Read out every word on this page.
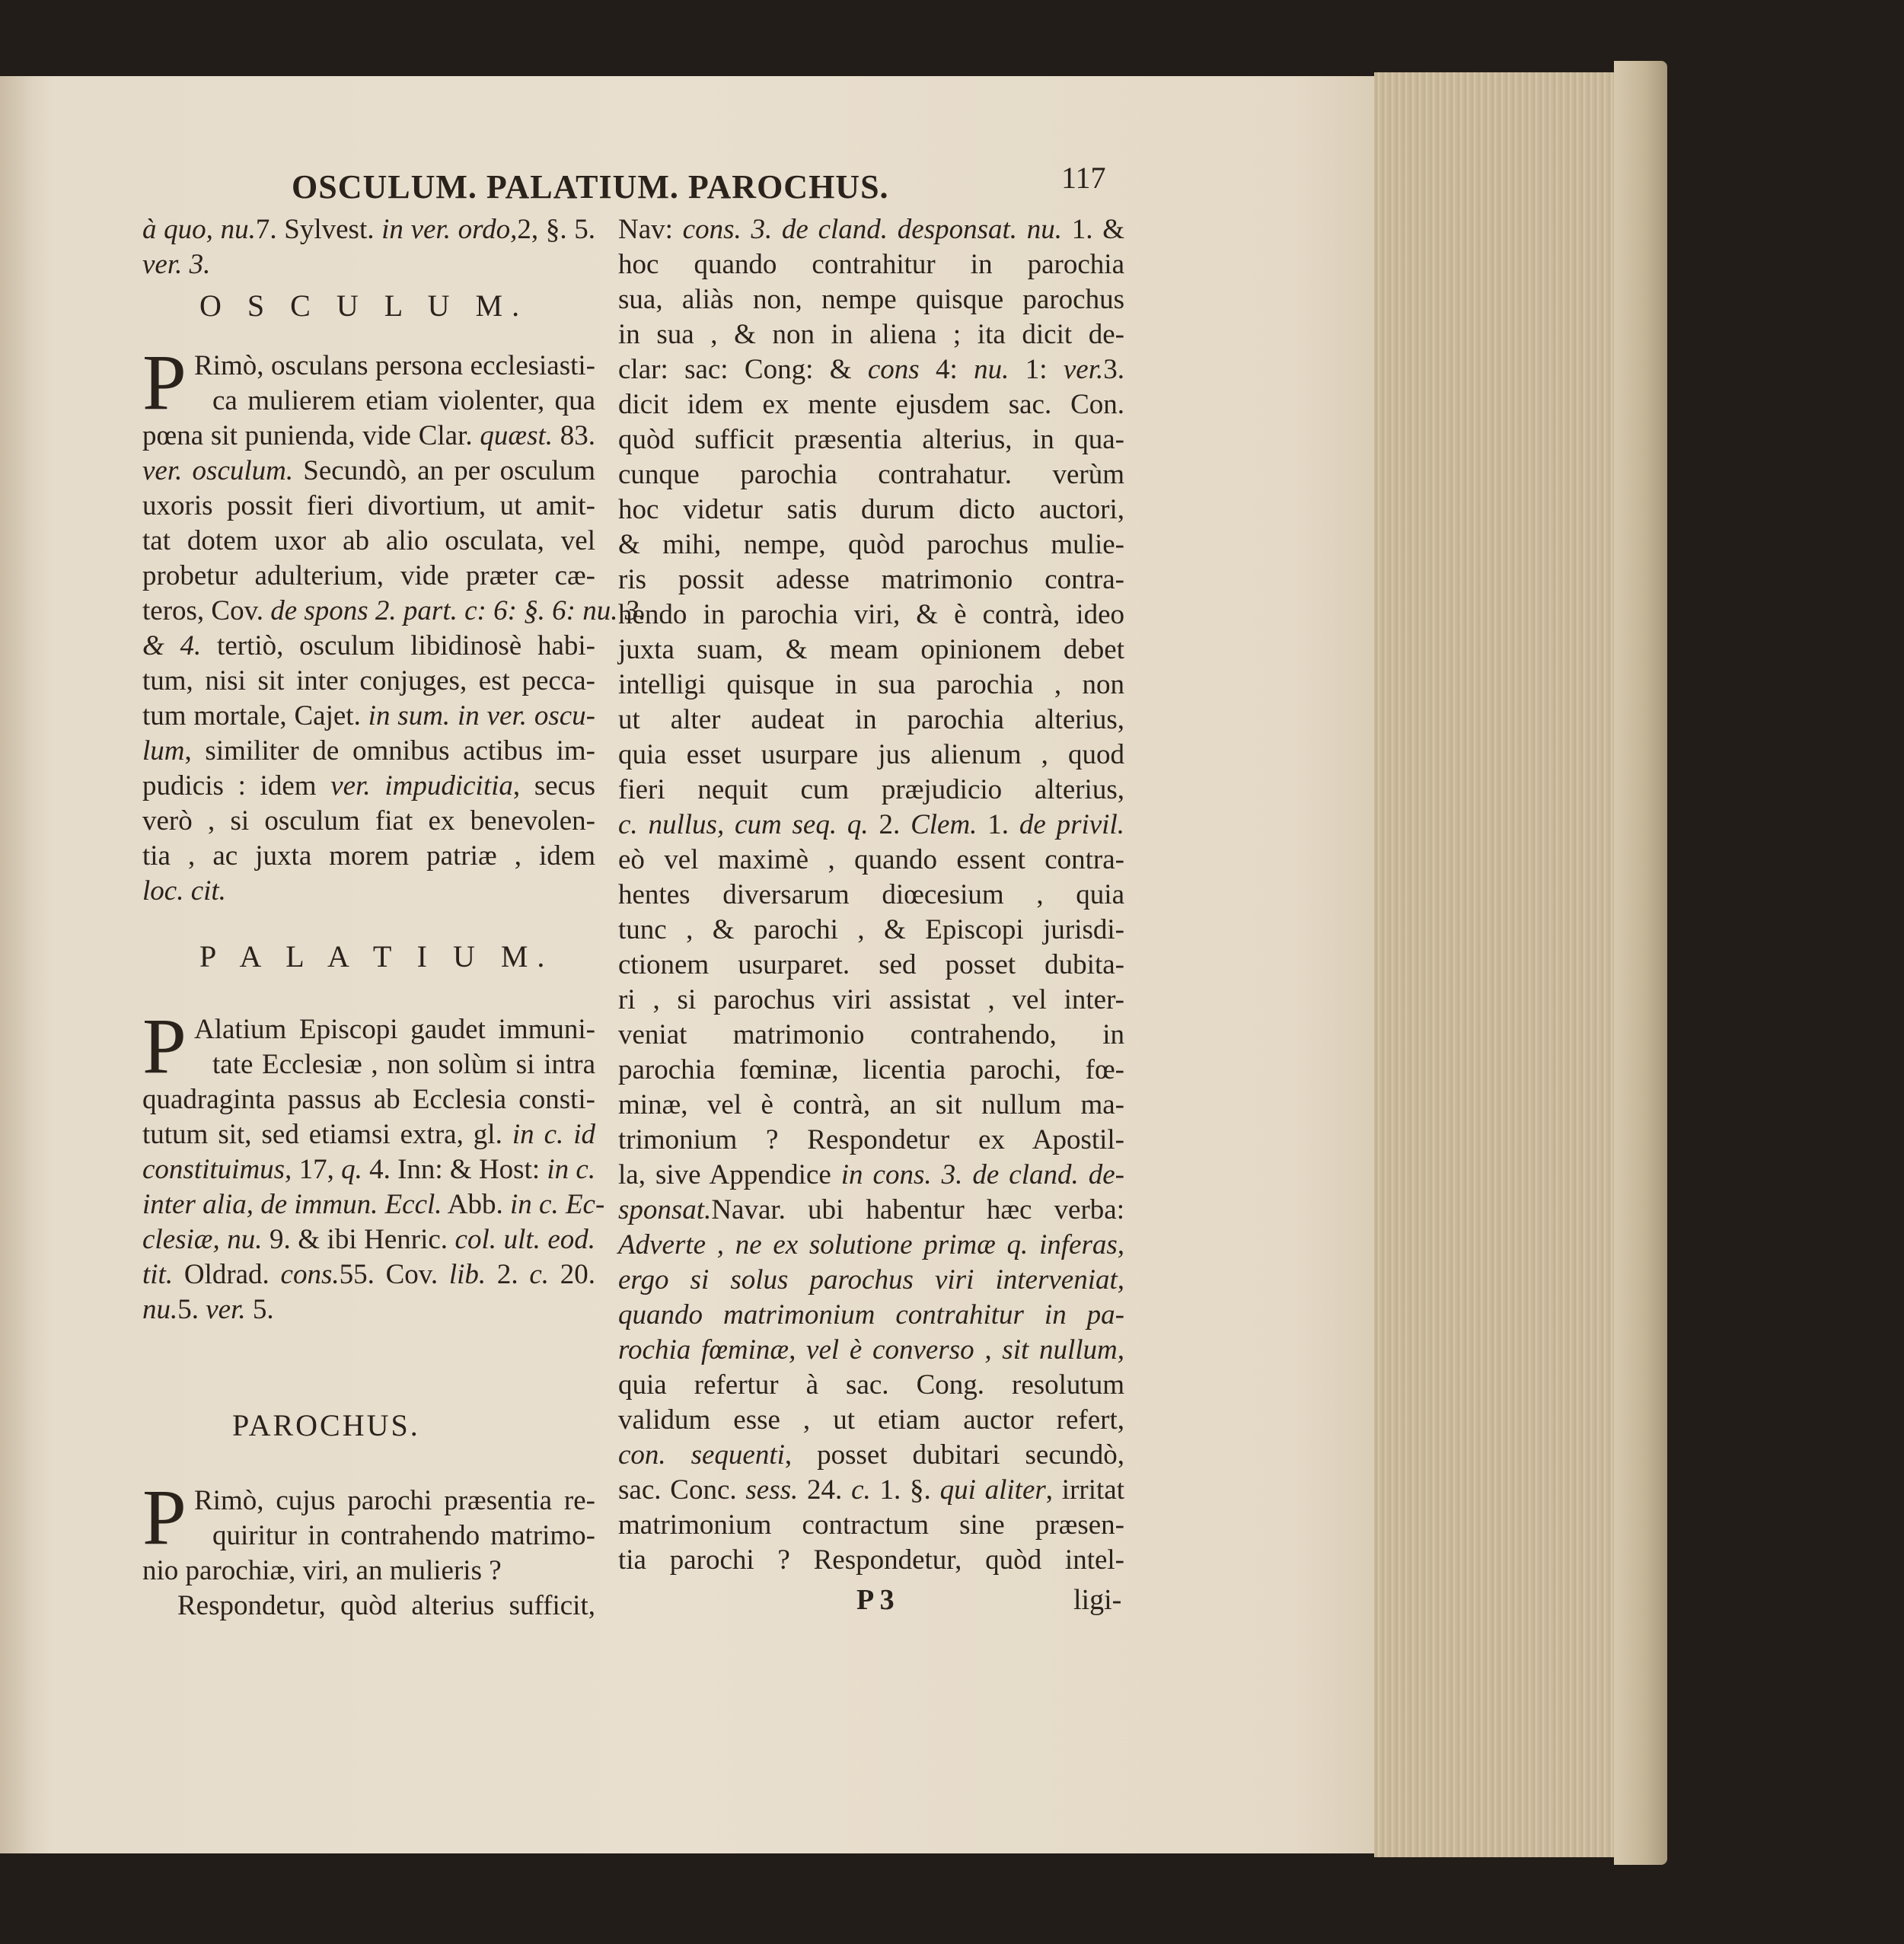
OSCULUM. PALATIUM. PAROCHUS.	117
à quo, nu.7. Sylvest. in ver. ordo,2, §. 5.
ver. 3.
O S C U L U M.
P Rimò, osculans persona ecclesiasti-
ca mulierem etiam violenter, qua
pœna sit punienda, vide Clar. quæst. 83.
ver. osculum. Secundò, an per osculum
uxoris possit fieri divortium, ut amit-
tat dotem uxor ab alio osculata, vel
probetur adulterium, vide præter cæ-
teros, Cov. de spons 2. part. c: 6: §. 6: nu. 3.
& 4. tertiò, osculum libidinosè habi-
tum, nisi sit inter conjuges, est pecca-
tum mortale, Cajet. in sum. in ver. oscu-
lum, similiter de omnibus actibus im-
pudicis : idem ver. impudicitia, secus
verò , si osculum fiat ex benevolen-
tia , ac juxta morem patriæ , idem
loc. cit.
P A L A T I U M.
P Alatium Episcopi gaudet immuni-
tate Ecclesiæ , non solùm si intra
quadraginta passus ab Ecclesia consti-
tutum sit, sed etiamsi extra, gl. in c. id
constituimus, 17, q. 4. Inn: & Host: in c.
inter alia, de immun. Eccl. Abb. in c. Ec-
clesiæ, nu. 9. & ibi Henric. col. ult. eod.
tit. Oldrad. cons.55. Cov. lib. 2. c. 20.
nu.5. ver. 5.
PAROCHUS.
P Rimò, cujus parochi præsentia re-
quiritur in contrahendo matrimo-
nio parochiæ, viri, an mulieris ?
Respondetur, quòd alterius sufficit,
Nav: cons. 3. de cland. desponsat. nu. 1. &
hoc quando contrahitur in parochia
sua, aliàs non, nempe quisque parochus
in sua , & non in aliena ; ita dicit de-
clar: sac: Cong: & cons 4: nu. 1: ver.3.
dicit idem ex mente ejusdem sac. Con.
quòd sufficit præsentia alterius, in qua-
cunque parochia contrahatur. verùm
hoc videtur satis durum dicto auctori,
& mihi, nempe, quòd parochus mulie-
ris possit adesse matrimonio contra-
hendo in parochia viri, & è contrà, ideo
juxta suam, & meam opinionem debet
intelligi quisque in sua parochia , non
ut alter audeat in parochia alterius,
quia esset usurpare jus alienum , quod
fieri nequit cum præjudicio alterius,
c. nullus, cum seq. q. 2. Clem. 1. de privil.
eò vel maximè , quando essent contra-
hentes diversarum diœcesium , quia
tunc , & parochi , & Episcopi jurisdi-
ctionem usurparet. sed posset dubita-
ri , si parochus viri assistat , vel inter-
veniat matrimonio contrahendo, in
parochia fœminæ, licentia parochi, fœ-
minæ, vel è contrà, an sit nullum ma-
trimonium ? Respondetur ex Apostil-
la, sive Appendice in cons. 3. de cland. de-
sponsat.Navar. ubi habentur hæc verba:
Adverte , ne ex solutione primæ q. inferas,
ergo si solus parochus viri interveniat,
quando matrimonium contrahitur in pa-
rochia fœminæ, vel è converso , sit nullum,
quia refertur à sac. Cong. resolutum
validum esse , ut etiam auctor refert,
con. sequenti, posset dubitari secundò,
sac. Conc. sess. 24. c. 1. §. qui aliter, irritat
matrimonium contractum sine præsen-
tia parochi ? Respondetur, quòd intel-
P 3	ligi-
